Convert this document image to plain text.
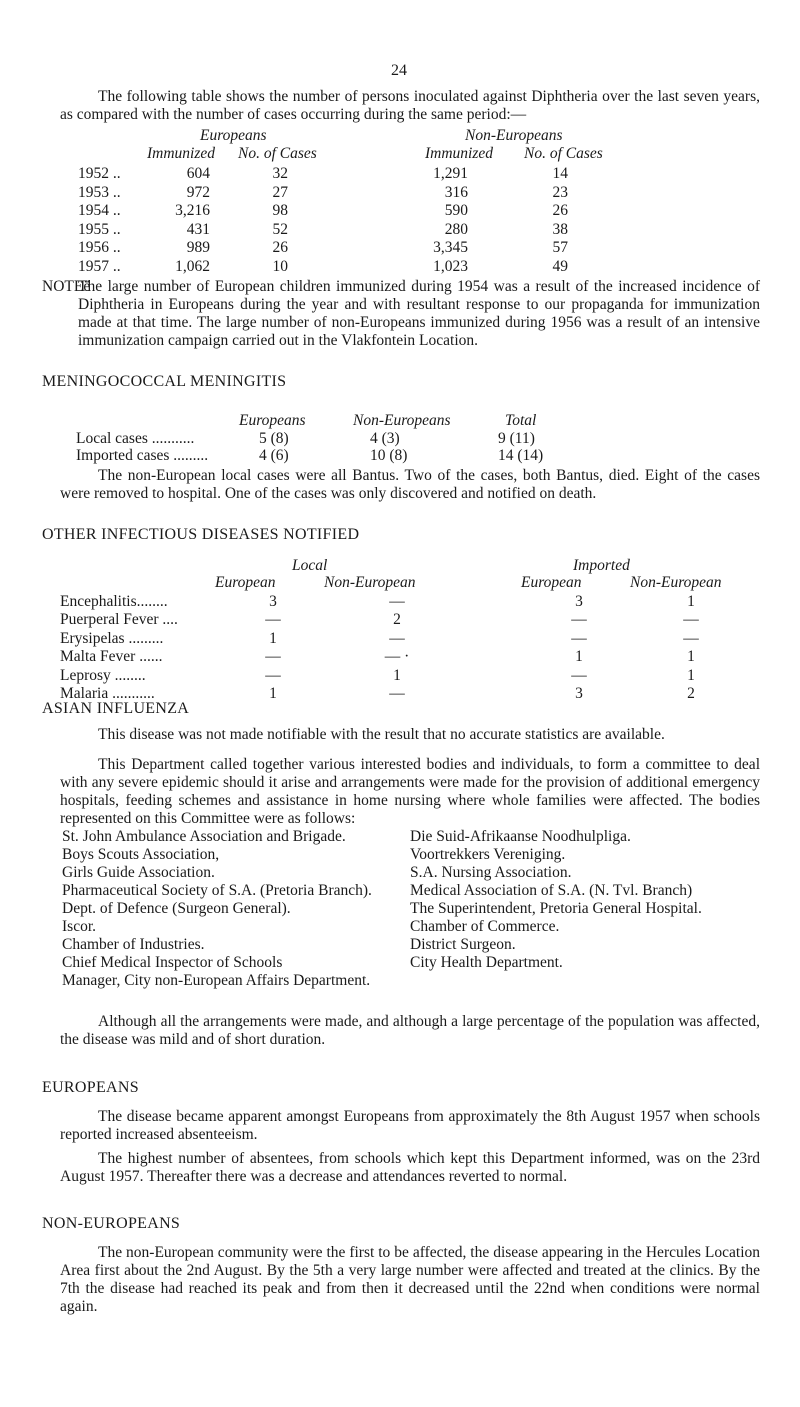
24
The following table shows the number of persons inoculated against Diphtheria over the last seven years, as compared with the number of cases occurring during the same period:—
Europeans	Non-Europeans
Immunized No. of Cases	Immunized No. of Cases
1952 ..	604	32	1,291	14
1953 ..	972	27	316	23
1954 ..	3,216	98	590	26
1955 ..	431	52	280	38
1956 ..	989	26	3,345	57
1957 ..	1,062	10	1,023	49
NOTEë
The large number of European children immunized during 1954 was a result of the increased incidence of Diphtheria in Europeans during the year and with resultant response to our propaganda for immunization made at that time. The large number of non-Europeans immunized during 1956 was a result of an intensive immunization campaign carried out in the Vlakfontein Location.
MENINGOCOCCAL MENINGITIS
Europeans	Non-Europeans	Total
Local cases ...........	5 (8)	4 (3)	9 (11)
Imported cases .........	4 (6)	10 (8)	14 (14)
The non-European local cases were all Bantus. Two of the cases, both Bantus, died. Eight of the cases were removed to hospital. One of the cases was only discovered and notified on death.
OTHER INFECTIOUS DISEASES NOTIFIED
Local	Imported
European	Non-European	European	Non-European
Encephalitis........	3	—	3	1
Puerperal Fever ....	—	2	—	—
Erysipelas .........	1	—	—	—
Malta Fever ......	—	— ·	1	1
Leprosy ........	—	1	—	1
Malaria ...........	1	—	3	2
ASIAN INFLUENZA
This disease was not made notifiable with the result that no accurate statistics are available.
This Department called together various interested bodies and individuals, to form a committee to deal with any severe epidemic should it arise and arrangements were made for the provision of additional emergency hospitals, feeding schemes and assistance in home nursing where whole families were affected. The bodies represented on this Committee were as follows:
St. John Ambulance Association and Brigade.
Boys Scouts Association,
Girls Guide Association.
Pharmaceutical Society of S.A. (Pretoria Branch).
Dept. of Defence (Surgeon General).
Iscor.
Chamber of Industries.
Chief Medical Inspector of Schools
Manager, City non-European Affairs Department.
Die Suid-Afrikaanse Noodhulpliga.
Voortrekkers Vereniging.
S.A. Nursing Association.
Medical Association of S.A. (N. Tvl. Branch)
The Superintendent, Pretoria General Hospital.
Chamber of Commerce.
District Surgeon.
City Health Department.
Although all the arrangements were made, and although a large percentage of the population was affected, the disease was mild and of short duration.
EUROPEANS
The disease became apparent amongst Europeans from approximately the 8th August 1957 when schools reported increased absenteeism.
The highest number of absentees, from schools which kept this Department informed, was on the 23rd August 1957. Thereafter there was a decrease and attendances reverted to normal.
NON-EUROPEANS
The non-European community were the first to be affected, the disease appearing in the Hercules Location Area first about the 2nd August. By the 5th a very large number were affected and treated at the clinics. By the 7th the disease had reached its peak and from then it decreased until the 22nd when conditions were normal again.
